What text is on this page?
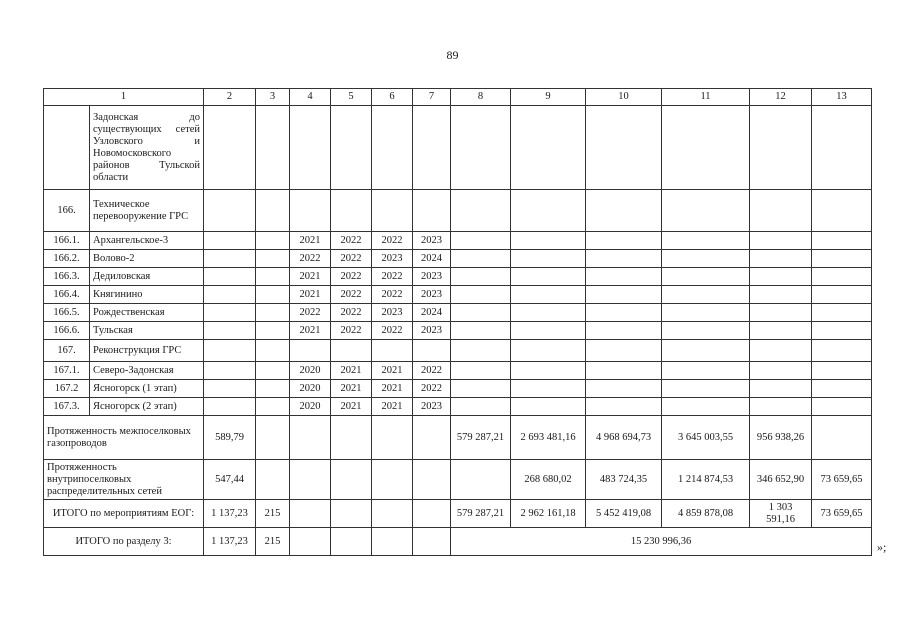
89
1		2	3	4	5	6	7	8	9	10	11	12	13
	Задонская до существующих сетей Узловского и Новомосковского районов Тульской области												
166.	Техническое перевооружение ГРС												
166.1.	Архангельское-3			2021	2022	2022	2023						
166.2.	Волово-2			2022	2022	2023	2024						
166.3.	Дедиловская			2021	2022	2022	2023						
166.4.	Княгинино			2021	2022	2022	2023						
166.5.	Рождественская			2022	2022	2023	2024						
166.6.	Тульская			2021	2022	2022	2023						
167.	Реконструкция ГРС												
167.1.	Северо-Задонская			2020	2021	2021	2022						
167.2	Ясногорск (1 этап)			2020	2021	2021	2022						
167.3.	Ясногорск (2 этап)			2020	2021	2021	2023						
Протяженность межпоселковых газопроводов		589,79						579 287,21	2 693 481,16	4 968 694,73	3 645 003,55	956 938,26	
Протяженность внутрипоселковых распределительных сетей		547,44							268 680,02	483 724,35	1 214 874,53	346 652,90	73 659,65
ИТОГО по мероприятиям ЕОГ:		1 137,23	215					579 287,21	2 962 161,18	5 452 419,08	4 859 878,08	1 303 591,16	73 659,65
ИТОГО по разделу 3:		1 137,23	215					15 230 996,36						»;
